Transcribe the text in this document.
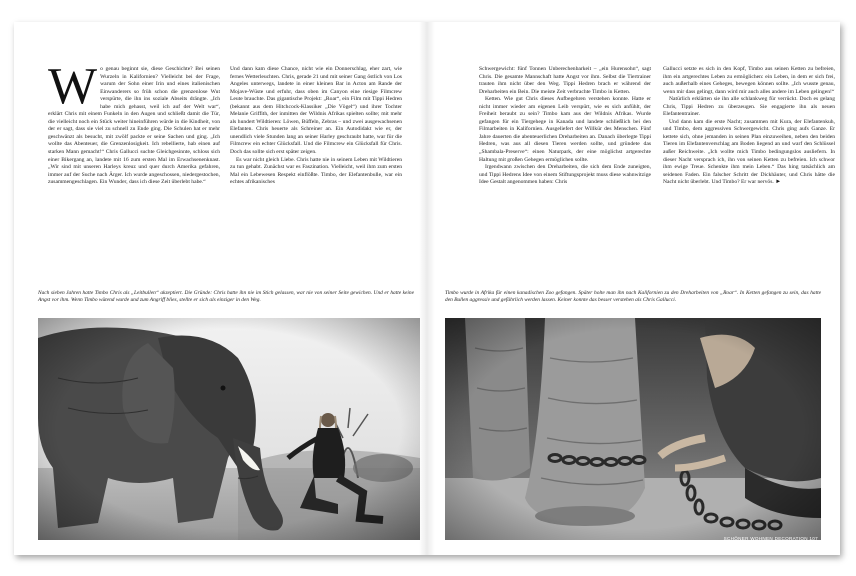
W o genau beginnt sie, diese Geschichte? Bei seinen Wurzeln in Kalifornien? Vielleicht bei der Frage, warum der Sohn einer Irin und eines italienischen Einwanderers so früh schon die grenzenlose Wut verspürte, die ihn ins soziale Abseits drängte. „Ich habe mich gehasst, weil ich auf der Welt war“, erklärt Chris mit einem Funkeln in den Augen und schließt damit die Tür, die vielleicht noch ein Stück weiter hineinführen würde in die Kindheit, von der er sagt, dass sie viel zu schnell zu Ende ging. Die Schulen hat er mehr geschwänzt als besucht, mit zwölf packte er seine Sachen und ging. „Ich wollte das Abenteuer, die Grenzenlosigkeit. Ich rebellierte, hab einen auf starken Mann gemacht!“ Chris Gallucci suchte Gleichgesinnte, schloss sich einer Bikergang an, landete mit 16 zum ersten Mal im Erwachsenenknast. „Wir sind mit unseren Harleys kreuz und quer durch Amerika gefahren, immer auf der Suche nach Ärger. Ich wurde angeschossen, niedergestochen, zusammengeschlagen. Ein Wunder, dass ich diese Zeit überlebt habe.“

Und dann kam diese Chance, nicht wie ein Donnerschlag, eher zart, wie fernes Wetterleuchten. Chris, gerade 21 und mit seiner Gang östlich von Los Angeles unterwegs, landete in einer kleinen Bar in Acton am Rande der Mojave-Wüste und erfuhr, dass oben im Canyon eine riesige Filmcrew Leute brauchte. Das gigantische Projekt: „Roar“, ein Film mit Tippi Hedren (bekannt aus dem Hitchcock-Klassiker „Die Vögel“) und ihrer Tochter Melanie Griffith, der inmitten der Wildnis Afrikas spielten sollte; mit mehr als hundert Wildtieren: Löwen, Büffeln, Zebras – und zwei ausgewachsenen Elefanten. Chris heuerte als Schreiner an. Ein Autodidakt wie er, der unendlich viele Stunden lang an seiner Harley geschraubt hatte, war für die Filmcrew ein echter Glücksfall. Und die Filmcrew ein Glücksfall für Chris. Doch das sollte sich erst später zeigen.

Es war nicht gleich Liebe. Chris hatte nie in seinem Leben mit Wildtieren zu tun gehabt. Zunächst war es Faszination. Vielleicht, weil ihm zum ersten Mal ein Lebewesen Respekt einflößte. Timbo, der Elefantenbulle, war ein echtes afrikanisches

Nach sieben Jahren hatte Timbo Chris als „Leitbullen“ akzeptiert. Die Gründe: Chris hatte ihn nie im Stich gelassen, war nie von seiner Seite gewichen. Und er hatte keine Angst vor ihm. Wenn Timbo wütend wurde und zum Angriff blies, stellte er sich als einziger in den Weg.

Schwergewicht: fünf Tonnen Unberechenbarkeit – „ein Hurensohn“, sagt Chris. Die gesamte Mannschaft hatte Angst vor ihm. Selbst die Tiertrainer trauten ihm nicht über den Weg. Tippi Hedren brach er während der Dreharbeiten ein Bein. Die meiste Zeit verbrachte Timbo in Ketten.

Ketten. Wie gut Chris dieses Aufbegehren verstehen konnte. Hatte er nicht immer wieder am eigenen Leib verspürt, wie es sich anfühlt, der Freiheit beraubt zu sein? Timbo kam aus der Wildnis Afrikas. Wurde gefangen für ein Tiergehege in Kanada und landete schließlich bei den Filmarbeiten in Kalifornien. Ausgeliefert der Willkür des Menschen. Fünf Jahre dauerten die abenteuerlichen Dreharbeiten an. Danach überlegte Tippi Hedren, was aus all diesen Tieren werden sollte, und gründete das „Shambala-Preserve“: einen Naturpark, der eine möglichst artgerechte Haltung mit großen Gehegen ermöglichen sollte.

Irgendwann zwischen den Dreharbeiten, die sich dem Ende zuneigten, und Tippi Hedrens Idee von einem Stiftungsprojekt muss diese wahnwitzige Idee Gestalt angenommen haben: Chris

Gallucci setzte es sich in den Kopf, Timbo aus seinen Ketten zu befreien, ihm ein artgerechtes Leben zu ermöglichen: ein Leben, in dem er sich frei, auch außerhalb eines Geheges, bewegen können sollte. „Ich wusste genau, wenn mir dass gelingt, dann wird mir auch alles andere im Leben gelingen!“

Natürlich erklärten sie ihn alle schlankweg für verrückt. Doch es gelang Chris, Tippi Hedren zu überzeugen. Sie engagierte ihn als neuen Elefantentrainer.

Und dann kam die erste Nacht; zusammen mit Kura, der Elefantenkuh, und Timbo, dem aggressiven Schwergewicht. Chris ging aufs Ganze. Er kettete sich, ohne jemanden in seinen Plan einzuweihen, neben den beiden Tieren im Elefantenverschlag am Boden liegend an und warf den Schlüssel außer Reichweite. „Ich wollte mich Timbo bedingungslos ausliefern. In dieser Nacht versprach ich, ihn von seinen Ketten zu befreien. Ich schwor ihm ewige Treue. Schenkte ihm mein Leben.“ Das hing tatsächlich am seidenen Faden. Ein falscher Schritt der Dickhäuter, und Chris hätte die Nacht nicht überlebt. Und Timbo? Er war nervös. ►

Timbo wurde in Afrika für einen kanadischen Zoo gefangen. Später holte man ihn nach Kalifornien zu den Dreharbeiten von „Roar“. In Ketten gefangen zu sein, das hatte den Bullen aggressiv und gefährlich werden lassen. Keiner konnte das besser verstehen als Chris Gallucci.
SCHÖNER WOHNEN DECORATION 107
